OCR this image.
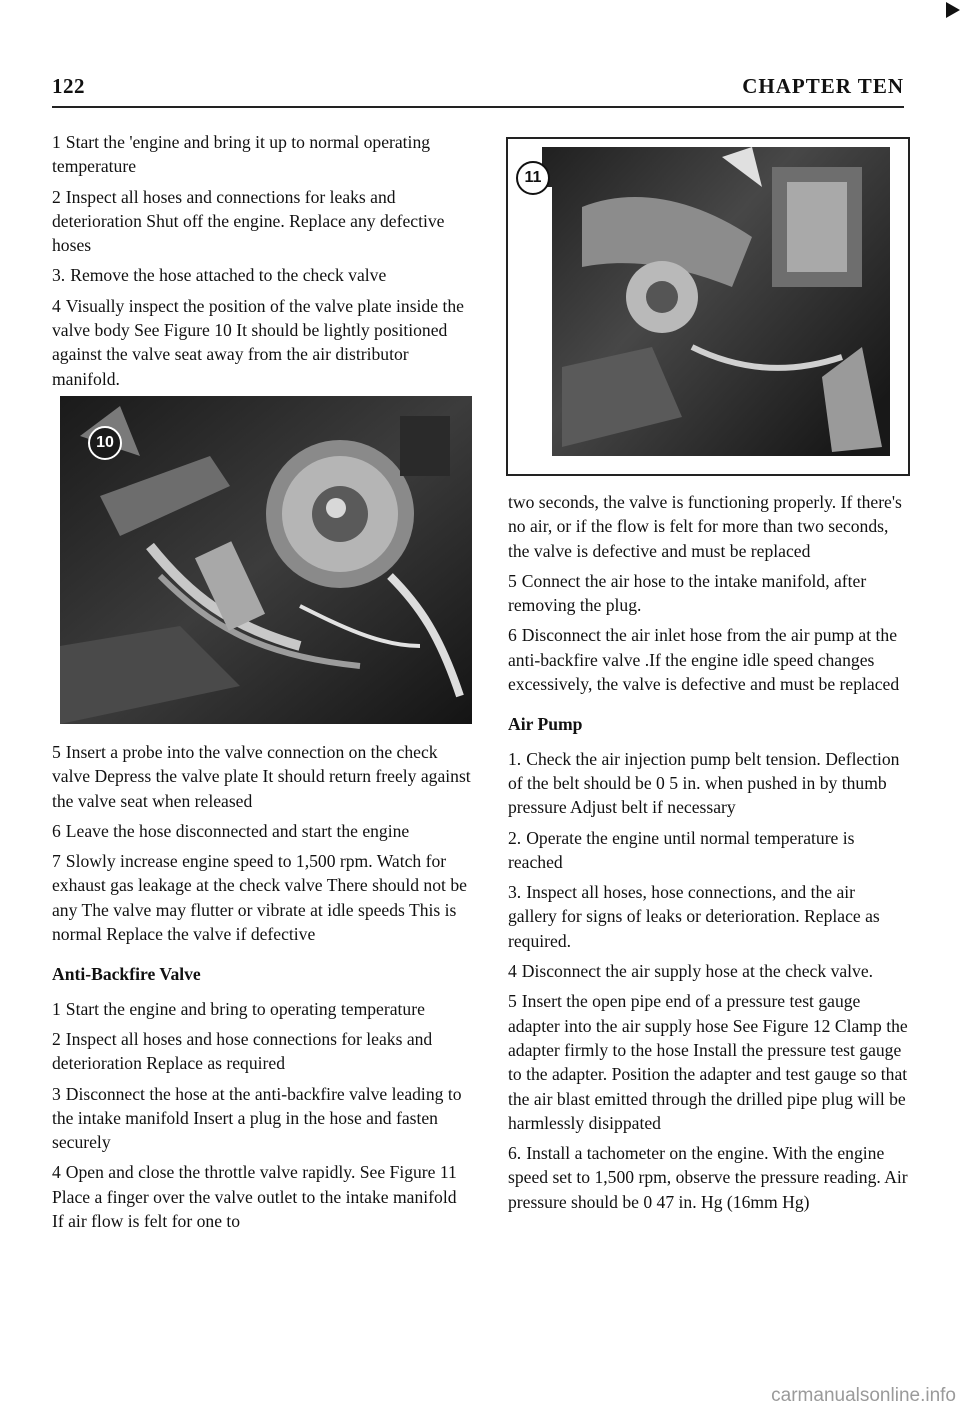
122	CHAPTER TEN

1 Start the 'engine and bring it up to normal operating temperature

2 Inspect all hoses and connections for leaks and deterioration Shut off the engine. Replace any defective hoses

3. Remove the hose attached to the check valve

4 Visually inspect the position of the valve plate inside the valve body See Figure 10 It should be lightly positioned against the valve seat away from the air distributor manifold.

10

5 Insert a probe into the valve connection on the check valve Depress the valve plate It should return freely against the valve seat when released

6 Leave the hose disconnected and start the engine

7 Slowly increase engine speed to 1,500 rpm. Watch for exhaust gas leakage at the check valve There should not be any The valve may flutter or vibrate at idle speeds This is normal Replace the valve if defective

Anti-Backfire Valve

1 Start the engine and bring to operating temperature

2 Inspect all hoses and hose connections for leaks and deterioration Replace as required

3 Disconnect the hose at the anti-backfire valve leading to the intake manifold Insert a plug in the hose and fasten securely

4 Open and close the throttle valve rapidly. See Figure 11 Place a finger over the valve outlet to the intake manifold If air flow is felt for one to

11

two seconds, the valve is functioning properly. If there's no air, or if the flow is felt for more than two seconds, the valve is defective and must be replaced

5 Connect the air hose to the intake manifold, after removing the plug.

6 Disconnect the air inlet hose from the air pump at the anti-backfire valve .If the engine idle speed changes excessively, the valve is defective and must be replaced

Air Pump

1. Check the air injection pump belt tension. Deflection of the belt should be 0 5 in. when pushed in by thumb pressure Adjust belt if necessary

2. Operate the engine until normal temperature is reached

3. Inspect all hoses, hose connections, and the air gallery for signs of leaks or deterioration. Replace as required.

4 Disconnect the air supply hose at the check valve.

5 Insert the open pipe end of a pressure test gauge adapter into the air supply hose See Figure 12 Clamp the adapter firmly to the hose Install the pressure test gauge to the adapter. Position the adapter and test gauge so that the air blast emitted through the drilled pipe plug will be harmlessly disippated

6. Install a tachometer on the engine. With the engine speed set to 1,500 rpm, observe the pressure reading. Air pressure should be 0 47 in. Hg (16mm Hg)

carmanualsonline.info
